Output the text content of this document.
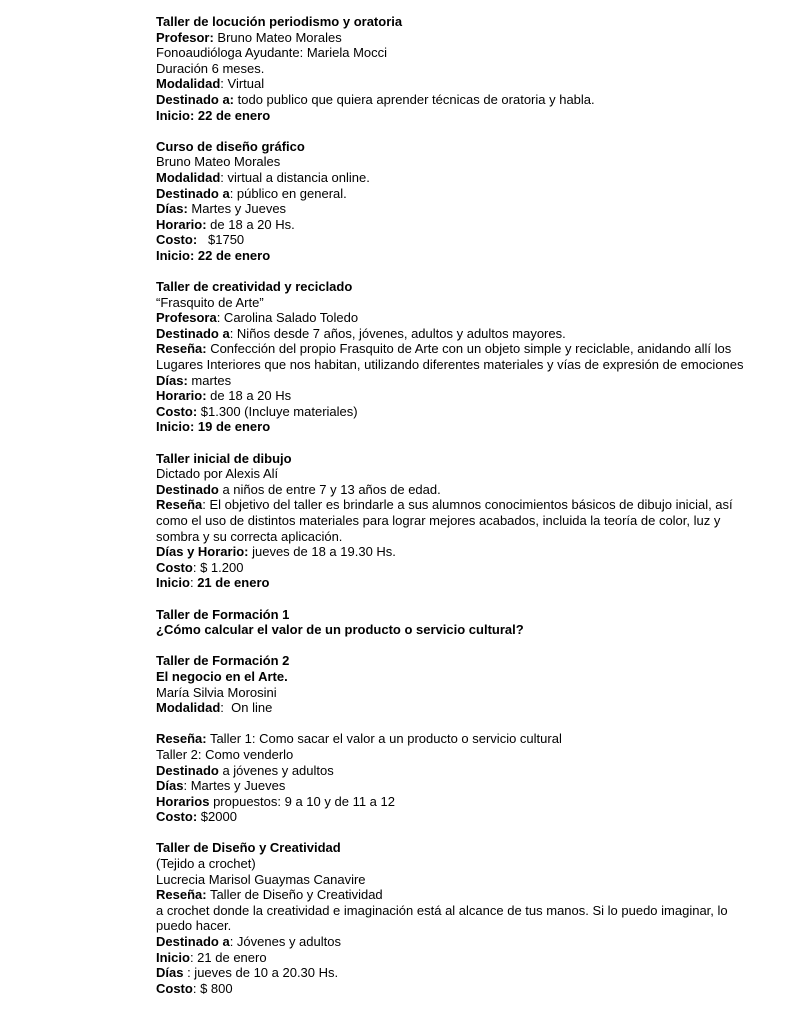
Taller de locución periodismo y oratoria
Profesor: Bruno Mateo Morales
Fonoaudióloga Ayudante: Mariela Mocci
Duración 6 meses.
Modalidad: Virtual
Destinado a: todo publico que quiera aprender técnicas de oratoria y habla.
Inicio: 22 de enero
Curso de diseño gráfico
Bruno Mateo Morales
Modalidad: virtual a distancia online.
Destinado a: público en general.
Días: Martes y Jueves
Horario: de 18 a 20 Hs.
Costo:   $1750
Inicio: 22 de enero
Taller de creatividad y reciclado
“Frasquito de Arte”
Profesora: Carolina Salado Toledo
Destinado a: Niños desde 7 años, jóvenes, adultos y adultos mayores.
Reseña: Confección del propio Frasquito de Arte con un objeto simple y reciclable, anidando allí los Lugares Interiores que nos habitan, utilizando diferentes materiales y vías de expresión de emociones
Días: martes
Horario: de 18 a 20 Hs
Costo: $1.300 (Incluye materiales)
Inicio: 19 de enero
Taller inicial de dibujo
Dictado por Alexis Alí
Destinado a niños de entre 7 y 13 años de edad.
Reseña: El objetivo del taller es brindarle a sus alumnos conocimientos básicos de dibujo inicial, así como el uso de distintos materiales para lograr mejores acabados, incluida la teoría de color, luz y sombra y su correcta aplicación.
Días y Horario: jueves de 18 a 19.30 Hs.
Costo: $ 1.200
Inicio: 21 de enero
Taller de Formación 1
¿Cómo calcular el valor de un producto o servicio cultural?
Taller de Formación 2
El negocio en el Arte.
María Silvia Morosini
Modalidad:  On line
Reseña: Taller 1: Como sacar el valor a un producto o servicio cultural
Taller 2: Como venderlo
Destinado a jóvenes y adultos
Días: Martes y Jueves
Horarios propuestos: 9 a 10 y de 11 a 12
Costo: $2000
Taller de Diseño y Creatividad
(Tejido a crochet)
Lucrecia Marisol Guaymas Canavire
Reseña: Taller de Diseño y Creatividad
a crochet donde la creatividad e imaginación está al alcance de tus manos. Si lo puedo imaginar, lo puedo hacer.
Destinado a: Jóvenes y adultos
Inicio: 21 de enero
Días : jueves de 10 a 20.30 Hs.
Costo: $ 800
